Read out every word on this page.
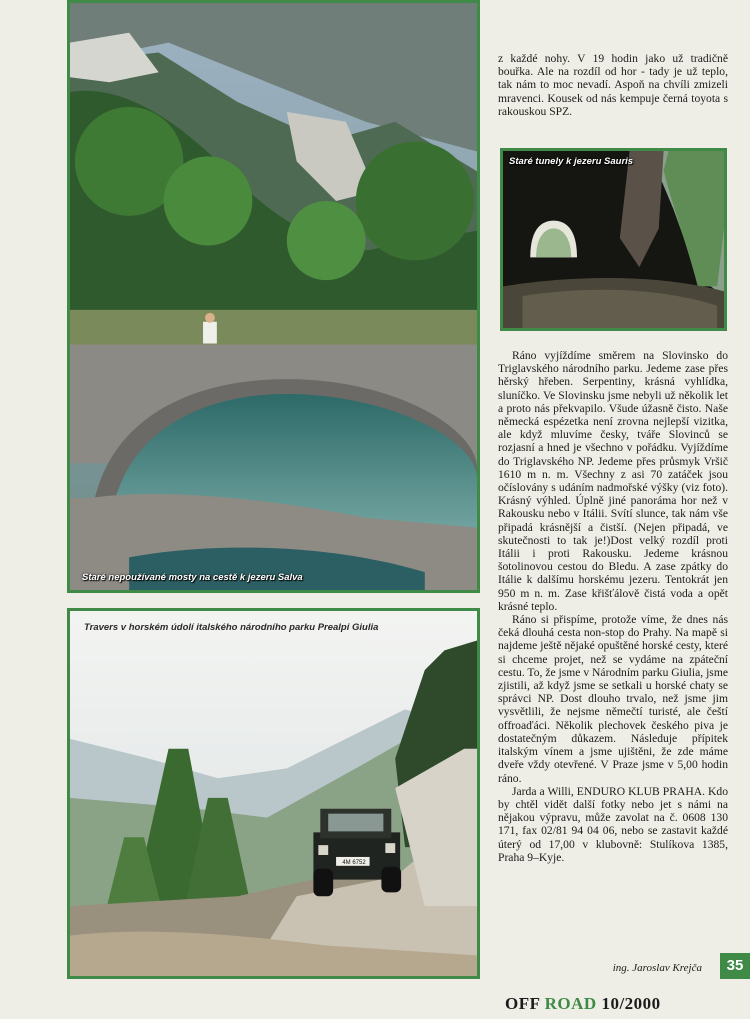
Staré nepoužívané mosty na cestě k jezeru Salva
Staré tunely k jezeru Sauris
4M 6752
Travers v horském údolí italského národního parku Prealpi Giulia

z každé nohy. V 19 hodin jako už tradičně bouřka. Ale na rozdíl od hor - tady je už teplo, tak nám to moc nevadí. Aspoň na chvíli zmizeli mravenci. Kousek od nás kempuje černá toyota s rakouskou SPZ.

Ráno vyjíždíme směrem na Slovinsko do Triglavského národního parku. Jedeme zase přes hěrský hřeben. Serpentiny, krásná vyhlídka, sluníčko. Ve Slovinsku jsme nebyli už několik let a proto nás překvapilo. Všude úžasně čisto. Naše německá espézetka není zrovna nejlepší vizitka, ale když mluvíme česky, tváře Slovinců se rozjasní a hned je všechno v pořádku. Vyjíždíme do Triglavského NP. Jedeme přes průsmyk Vršič 1610 m n. m. Všechny z asi 70 zatáček jsou očíslovány s udáním nadmořské výšky (viz foto). Krásný výhled. Úplně jiné panoráma hor než v Rakousku nebo v Itálii. Svítí slunce, tak nám vše připadá krásnější a čistší. (Nejen připadá, ve skutečnosti to tak je!)Dost velký rozdíl proti Itálii i proti Rakousku. Jedeme krásnou šotolinovou cestou do Bledu. A zase zpátky do Itálie k dalšímu horskému jezeru. Tentokrát jen 950 m n. m. Zase křišťálově čistá voda a opět krásné teplo.

Ráno si přispíme, protože víme, že dnes nás čeká dlouhá cesta non-stop do Prahy. Na mapě si najdeme ještě nějaké opuštěné horské cesty, které si chceme projet, než se vydáme na zpáteční cestu. To, že jsme v Národním parku Giulia, jsme zjistili, až když jsme se setkali u horské chaty se správci NP. Dost dlouho trvalo, než jsme jim vysvětlili, že nejsme němečtí turisté, ale čeští offroaďáci. Několik plechovek českého piva je dostatečným důkazem. Následuje přípitek italským vínem a jsme ujištěni, že zde máme dveře vždy otevřené. V Praze jsme v 5,00 hodin ráno.

Jarda a Willi, ENDURO KLUB PRAHA. Kdo by chtěl vidět další fotky nebo jet s námi na nějakou výpravu, může zavolat na č. 0608 130 171, fax 02/81 94 04 06, nebo se zastavit každé úterý od 17,00 v klubovně: Stulíkova 1385, Praha 9–Kyje.

ing. Jaroslav Krejča	35
OFF ROAD 10/2000
